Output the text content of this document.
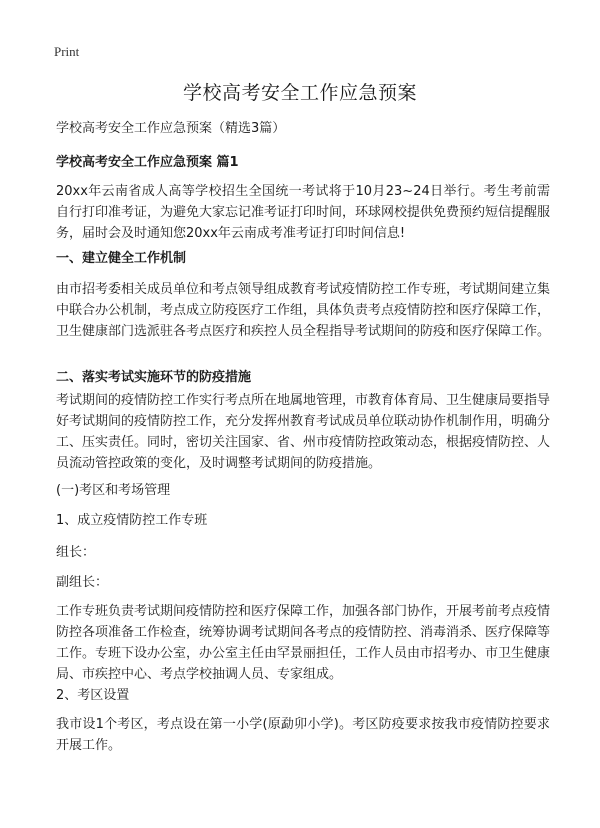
Print
学校高考安全工作应急预案

学校高考安全工作应急预案（精选3篇）

学校高考安全工作应急预案 篇1

20xx年云南省成人高等学校招生全国统一考试将于10月23~24日举行。考生考前需自行打印准考证，为避免大家忘记准考证打印时间，环球网校提供免费预约短信提醒服务，届时会及时通知您20xx年云南成考准考证打印时间信息!

一、建立健全工作机制

由市招考委相关成员单位和考点领导组成教育考试疫情防控工作专班，考试期间建立集中联合办公机制，考点成立防疫医疗工作组，具体负责考点疫情防控和医疗保障工作，卫生健康部门选派驻各考点医疗和疾控人员全程指导考试期间的防疫和医疗保障工作。

二、落实考试实施环节的防疫措施

考试期间的疫情防控工作实行考点所在地属地管理，市教育体育局、卫生健康局要指导好考试期间的疫情防控工作，充分发挥州教育考试成员单位联动协作机制作用，明确分工、压实责任。同时，密切关注国家、省、州市疫情防控政策动态，根据疫情防控、人员流动管控政策的变化，及时调整考试期间的防疫措施。

(一)考区和考场管理

1、成立疫情防控工作专班

组长：

副组长：

工作专班负责考试期间疫情防控和医疗保障工作，加强各部门协作，开展考前考点疫情防控各项准备工作检查，统筹协调考试期间各考点的疫情防控、消毒消杀、医疗保障等工作。专班下设办公室，办公室主任由罕景丽担任，工作人员由市招考办、市卫生健康局、市疾控中心、考点学校抽调人员、专家组成。

2、考区设置

我市设1个考区，考点设在第一小学(原勐卯小学)。考区防疫要求按我市疫情防控要求开展工作。
